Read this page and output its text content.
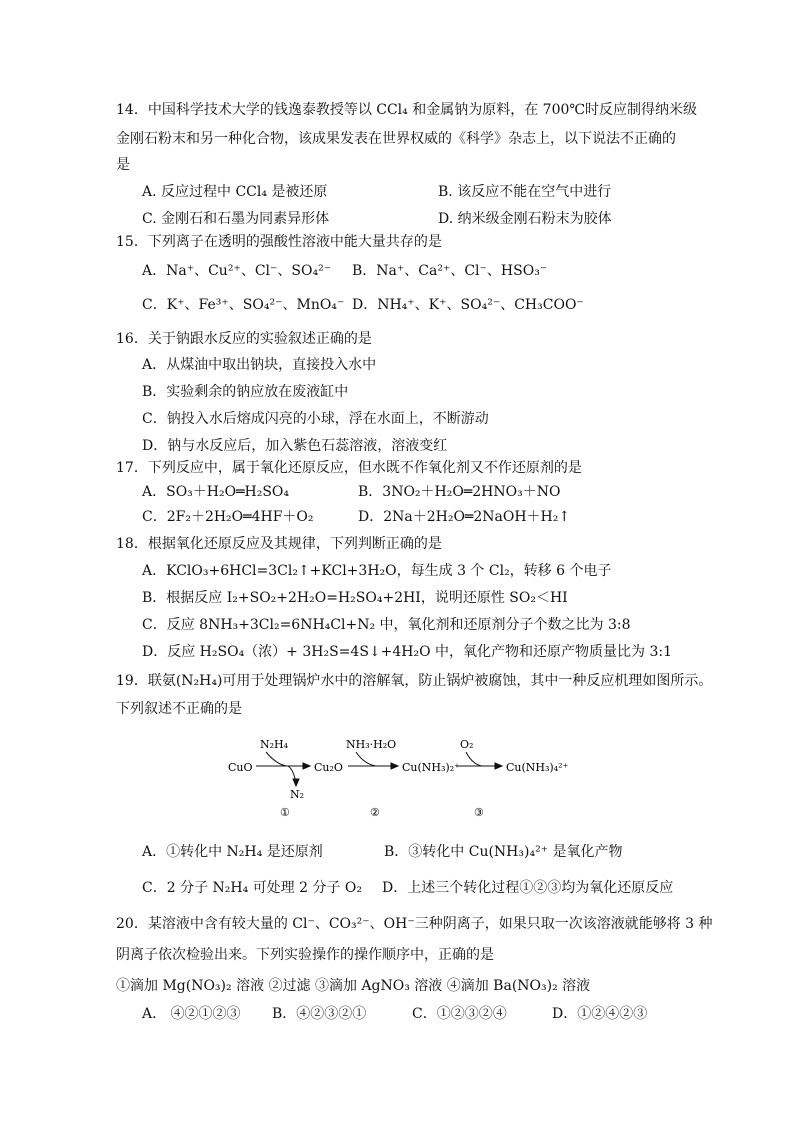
14．中国科学技术大学的钱逸泰教授等以 CCl₄ 和金属钠为原料，在 700℃时反应制得纳米级
金刚石粉末和另一种化合物，该成果发表在世界权威的《科学》杂志上，以下说法不正确的
是
A. 反应过程中 CCl₄ 是被还原	B. 该反应不能在空气中进行
C. 金刚石和石墨为同素异形体	D. 纳米级金刚石粉末为胶体
15．下列离子在透明的强酸性溶液中能大量共存的是
A．Na⁺、Cu²⁺、Cl⁻、SO₄²⁻ B．Na⁺、Ca²⁺、Cl⁻、HSO₃⁻
C．K⁺、Fe³⁺、SO₄²⁻、MnO₄⁻ D．NH₄⁺、K⁺、SO₄²⁻、CH₃COO⁻
16．关于钠跟水反应的实验叙述正确的是
A．从煤油中取出钠块，直接投入水中
B．实验剩余的钠应放在废液缸中
C．钠投入水后熔成闪亮的小球，浮在水面上，不断游动
D．钠与水反应后，加入紫色石蕊溶液，溶液变红
17．下列反应中，属于氧化还原反应，但水既不作氧化剂又不作还原剂的是
A．SO₃＋H₂O═H₂SO₄	B．3NO₂＋H₂O═2HNO₃＋NO
C．2F₂＋2H₂O═4HF＋O₂	D．2Na＋2H₂O═2NaOH＋H₂↑
18．根据氧化还原反应及其规律，下列判断正确的是
A．KClO₃+6HCl=3Cl₂↑+KCl+3H₂O，每生成 3 个 Cl₂，转移 6 个电子
B．根据反应 I₂+SO₂+2H₂O=H₂SO₄+2HI，说明还原性 SO₂＜HI
C．反应 8NH₃+3Cl₂=6NH₄Cl+N₂ 中，氧化剂和还原剂分子个数之比为 3:8
D．反应 H₂SO₄（浓）+ 3H₂S=4S↓+4H₂O 中，氧化产物和还原产物质量比为 3:1
19．联氨(N₂H₄)可用于处理锅炉水中的溶解氧，防止锅炉被腐蚀，其中一种反应机理如图所示。
下列叙述不正确的是
CuO
N₂H₄
N₂
Cu₂O
NH₃·H₂O
Cu(NH₃)₂⁺
O₂
Cu(NH₃)₄²⁺
①	②	③
A．①转化中 N₂H₄ 是还原剂	B．③转化中 Cu(NH₃)₄²⁺ 是氧化产物
C．2 分子 N₂H₄ 可处理 2 分子 O₂ D．上述三个转化过程①②③均为氧化还原反应
20．某溶液中含有较大量的 Cl⁻、CO₃²⁻、OH⁻三种阴离子，如果只取一次该溶液就能够将 3 种
阴离子依次检验出来。下列实验操作的操作顺序中，正确的是
①滴加 Mg(NO₃)₂ 溶液 ②过滤 ③滴加 AgNO₃ 溶液 ④滴加 Ba(NO₃)₂ 溶液
A． ④②①②③ B．④②③②①	C．①②③②④	D．①②④②③
